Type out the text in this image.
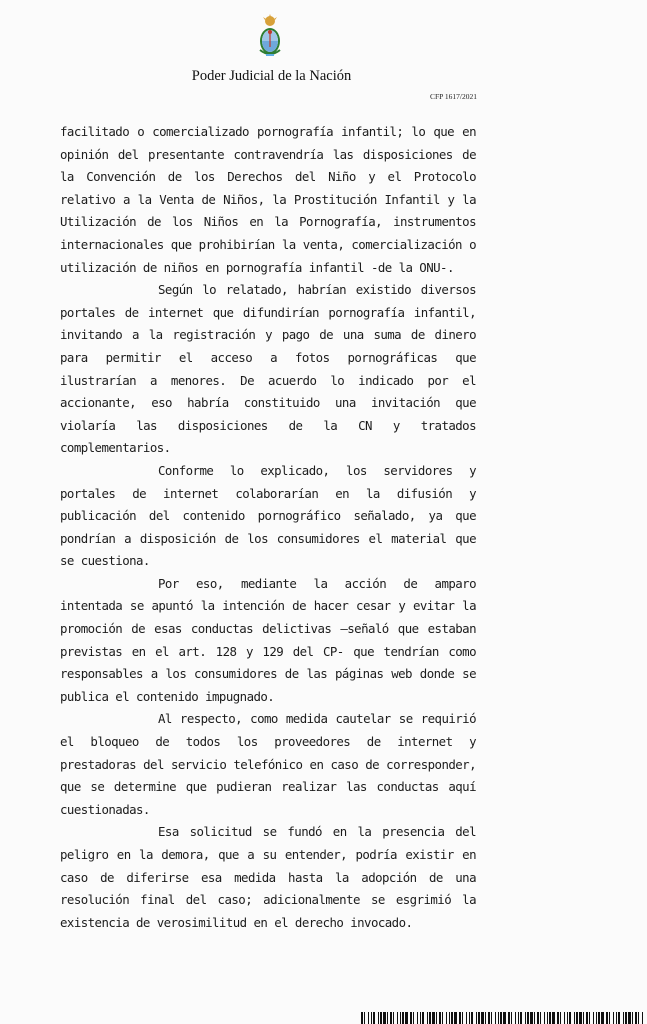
Poder Judicial de la Nación
CFP 1617/2021

facilitado o comercializado pornografía infantil; lo que en opinión del presentante contravendría las disposiciones de la Convención de los Derechos del Niño y el Protocolo relativo a la Venta de Niños, la Prostitución Infantil y la Utilización de los Niños en la Pornografía, instrumentos internacionales que prohibirían la venta, comercialización o utilización de niños en pornografía infantil -de la ONU-.

Según lo relatado, habrían existido diversos portales de internet que difundirían pornografía infantil, invitando a la registración y pago de una suma de dinero para permitir el acceso a fotos pornográficas que ilustrarían a menores. De acuerdo lo indicado por el accionante, eso habría constituido una invitación que violaría las disposiciones de la CN y tratados complementarios.

Conforme lo explicado, los servidores y portales de internet colaborarían en la difusión y publicación del contenido pornográfico señalado, ya que pondrían a disposición de los consumidores el material que se cuestiona.

Por eso, mediante la acción de amparo intentada se apuntó la intención de hacer cesar y evitar la promoción de esas conductas delictivas –señaló que estaban previstas en el art. 128 y 129 del CP- que tendrían como responsables a los consumidores de las páginas web donde se publica el contenido impugnado.

Al respecto, como medida cautelar se requirió el bloqueo de todos los proveedores de internet y prestadoras del servicio telefónico en caso de corresponder, que se determine que pudieran realizar las conductas aquí cuestionadas.

Esa solicitud se fundó en la presencia del peligro en la demora, que a su entender, podría existir en caso de diferirse esa medida hasta la adopción de una resolución final del caso; adicionalmente se esgrimió la existencia de verosimilitud en el derecho invocado.
